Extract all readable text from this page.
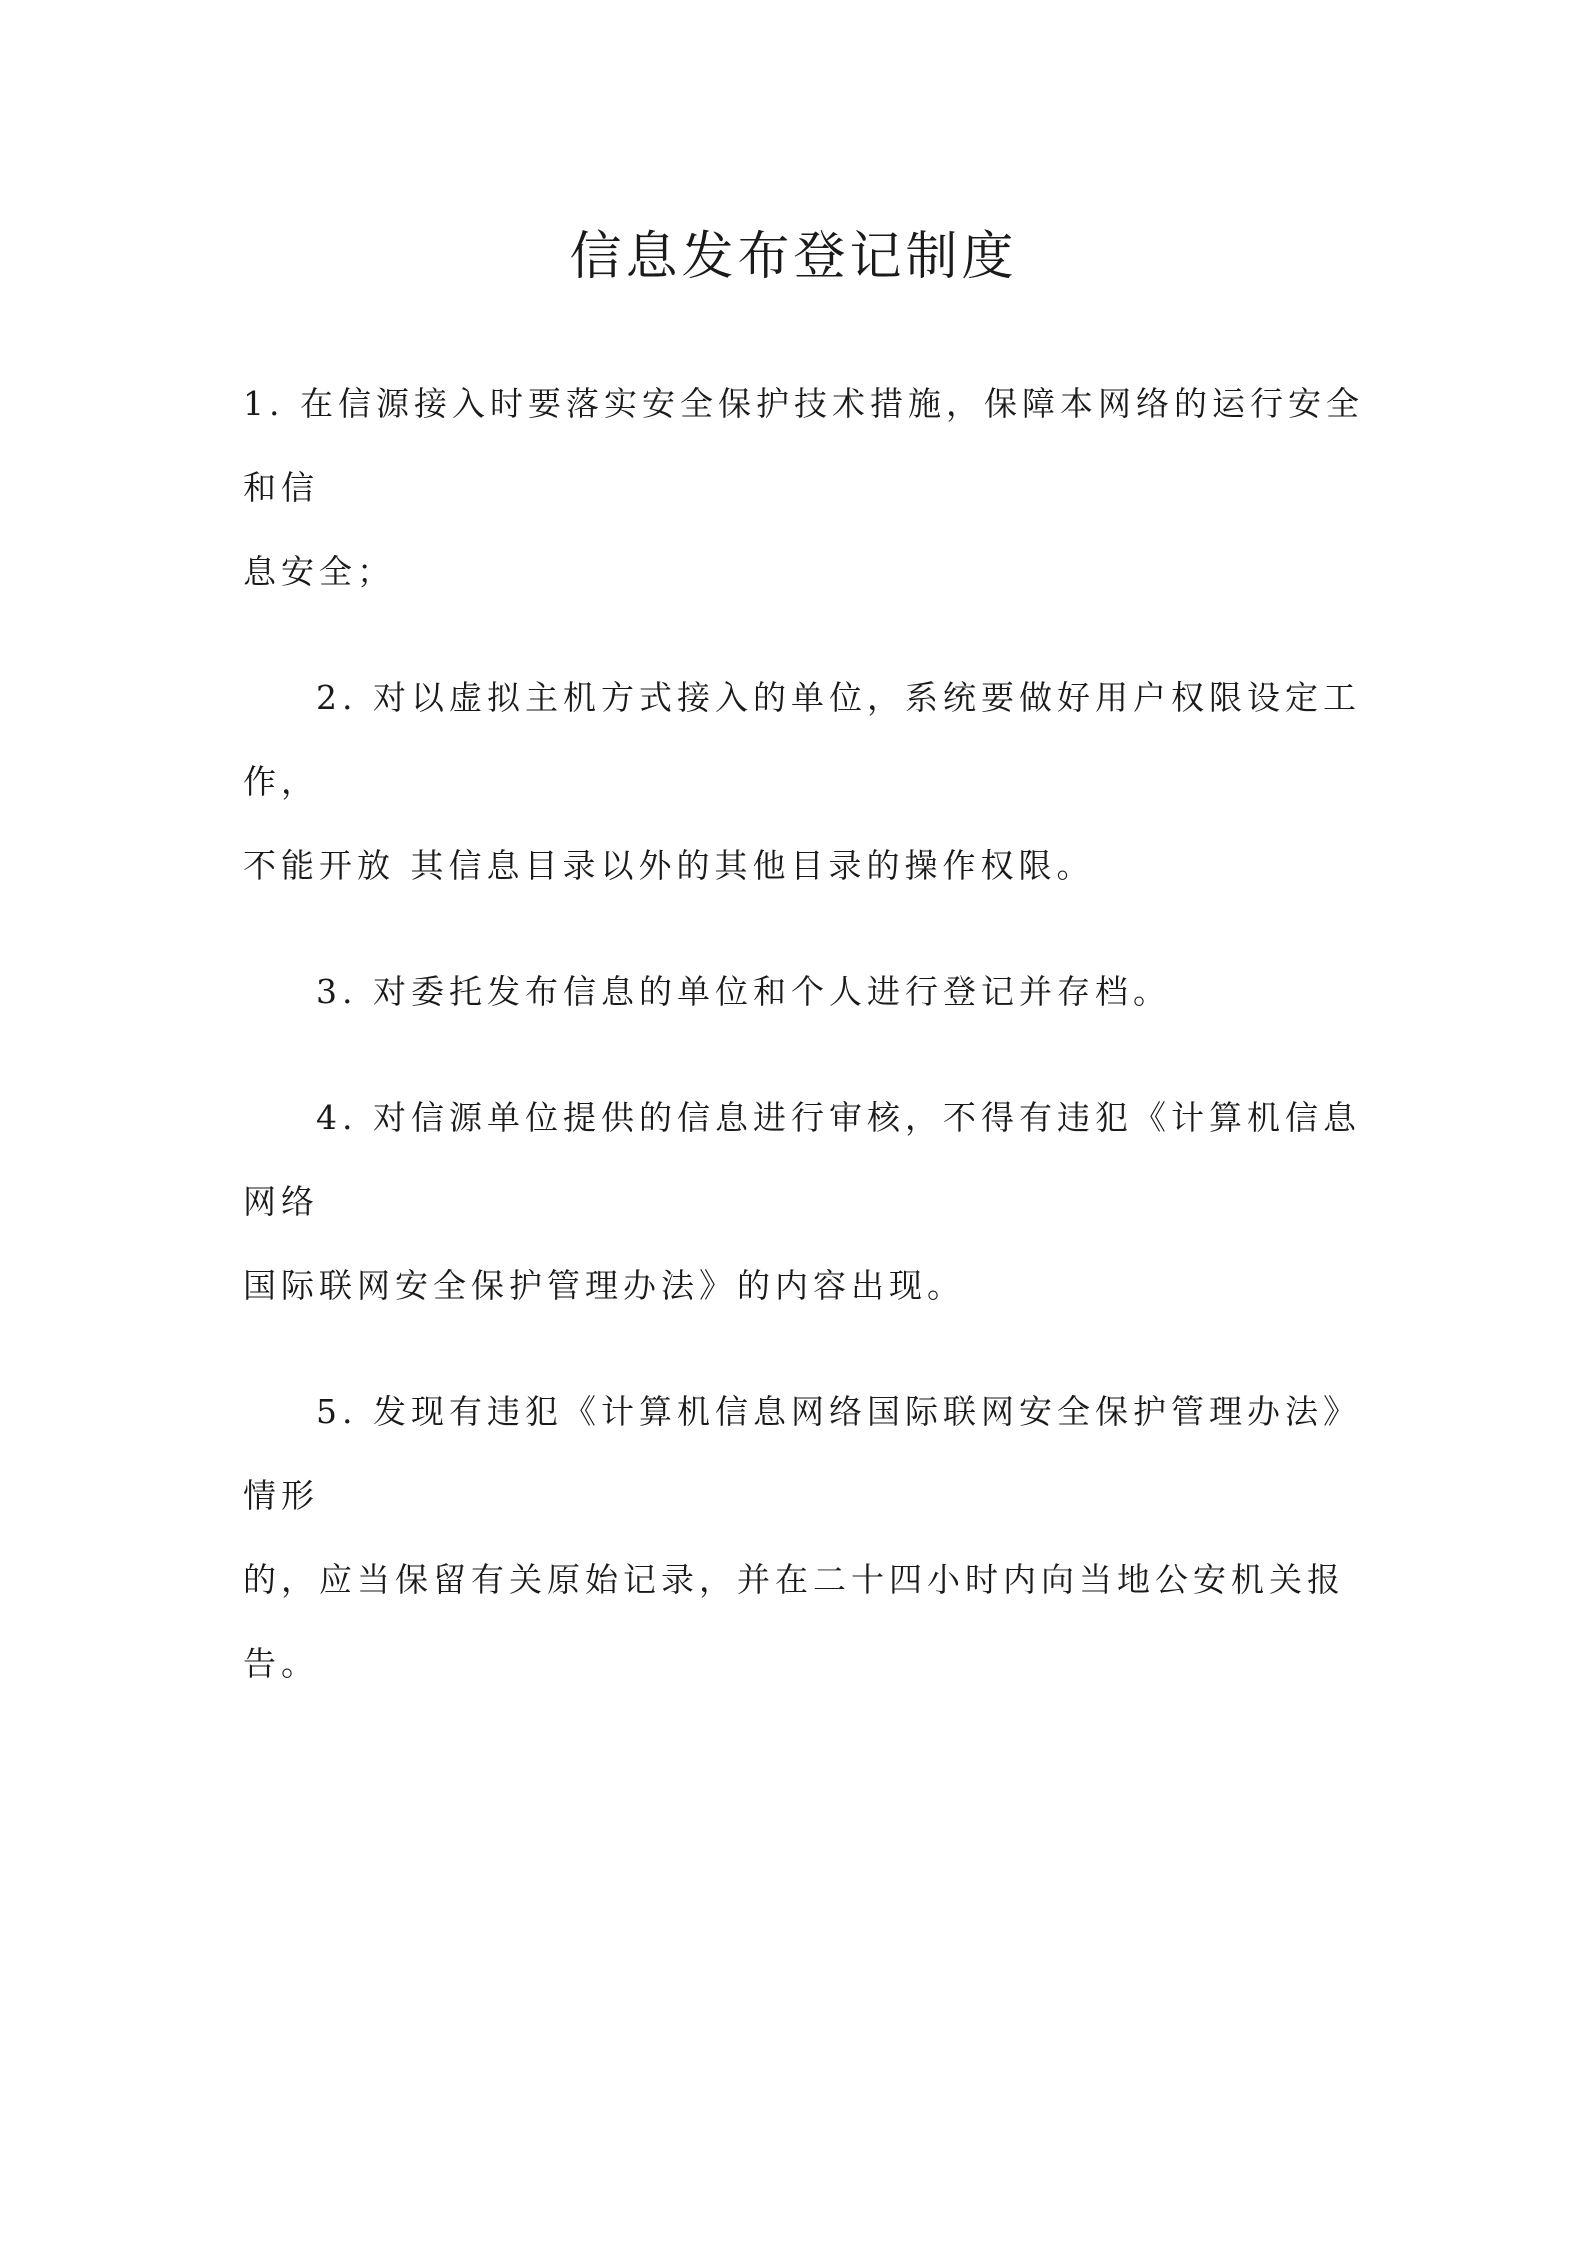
信息发布登记制度
1. 在信源接入时要落实安全保护技术措施，保障本网络的运行安全
和信
息安全；
2. 对以虚拟主机方式接入的单位，系统要做好用户权限设定工
作，
不能开放 其信息目录以外的其他目录的操作权限。
3. 对委托发布信息的单位和个人进行登记并存档。
4. 对信源单位提供的信息进行审核，不得有违犯《计算机信息
网络
国际联网安全保护管理办法》的内容出现。
5. 发现有违犯《计算机信息网络国际联网安全保护管理办法》
情形
的，应当保留有关原始记录，并在二十四小时内向当地公安机关报
告。
